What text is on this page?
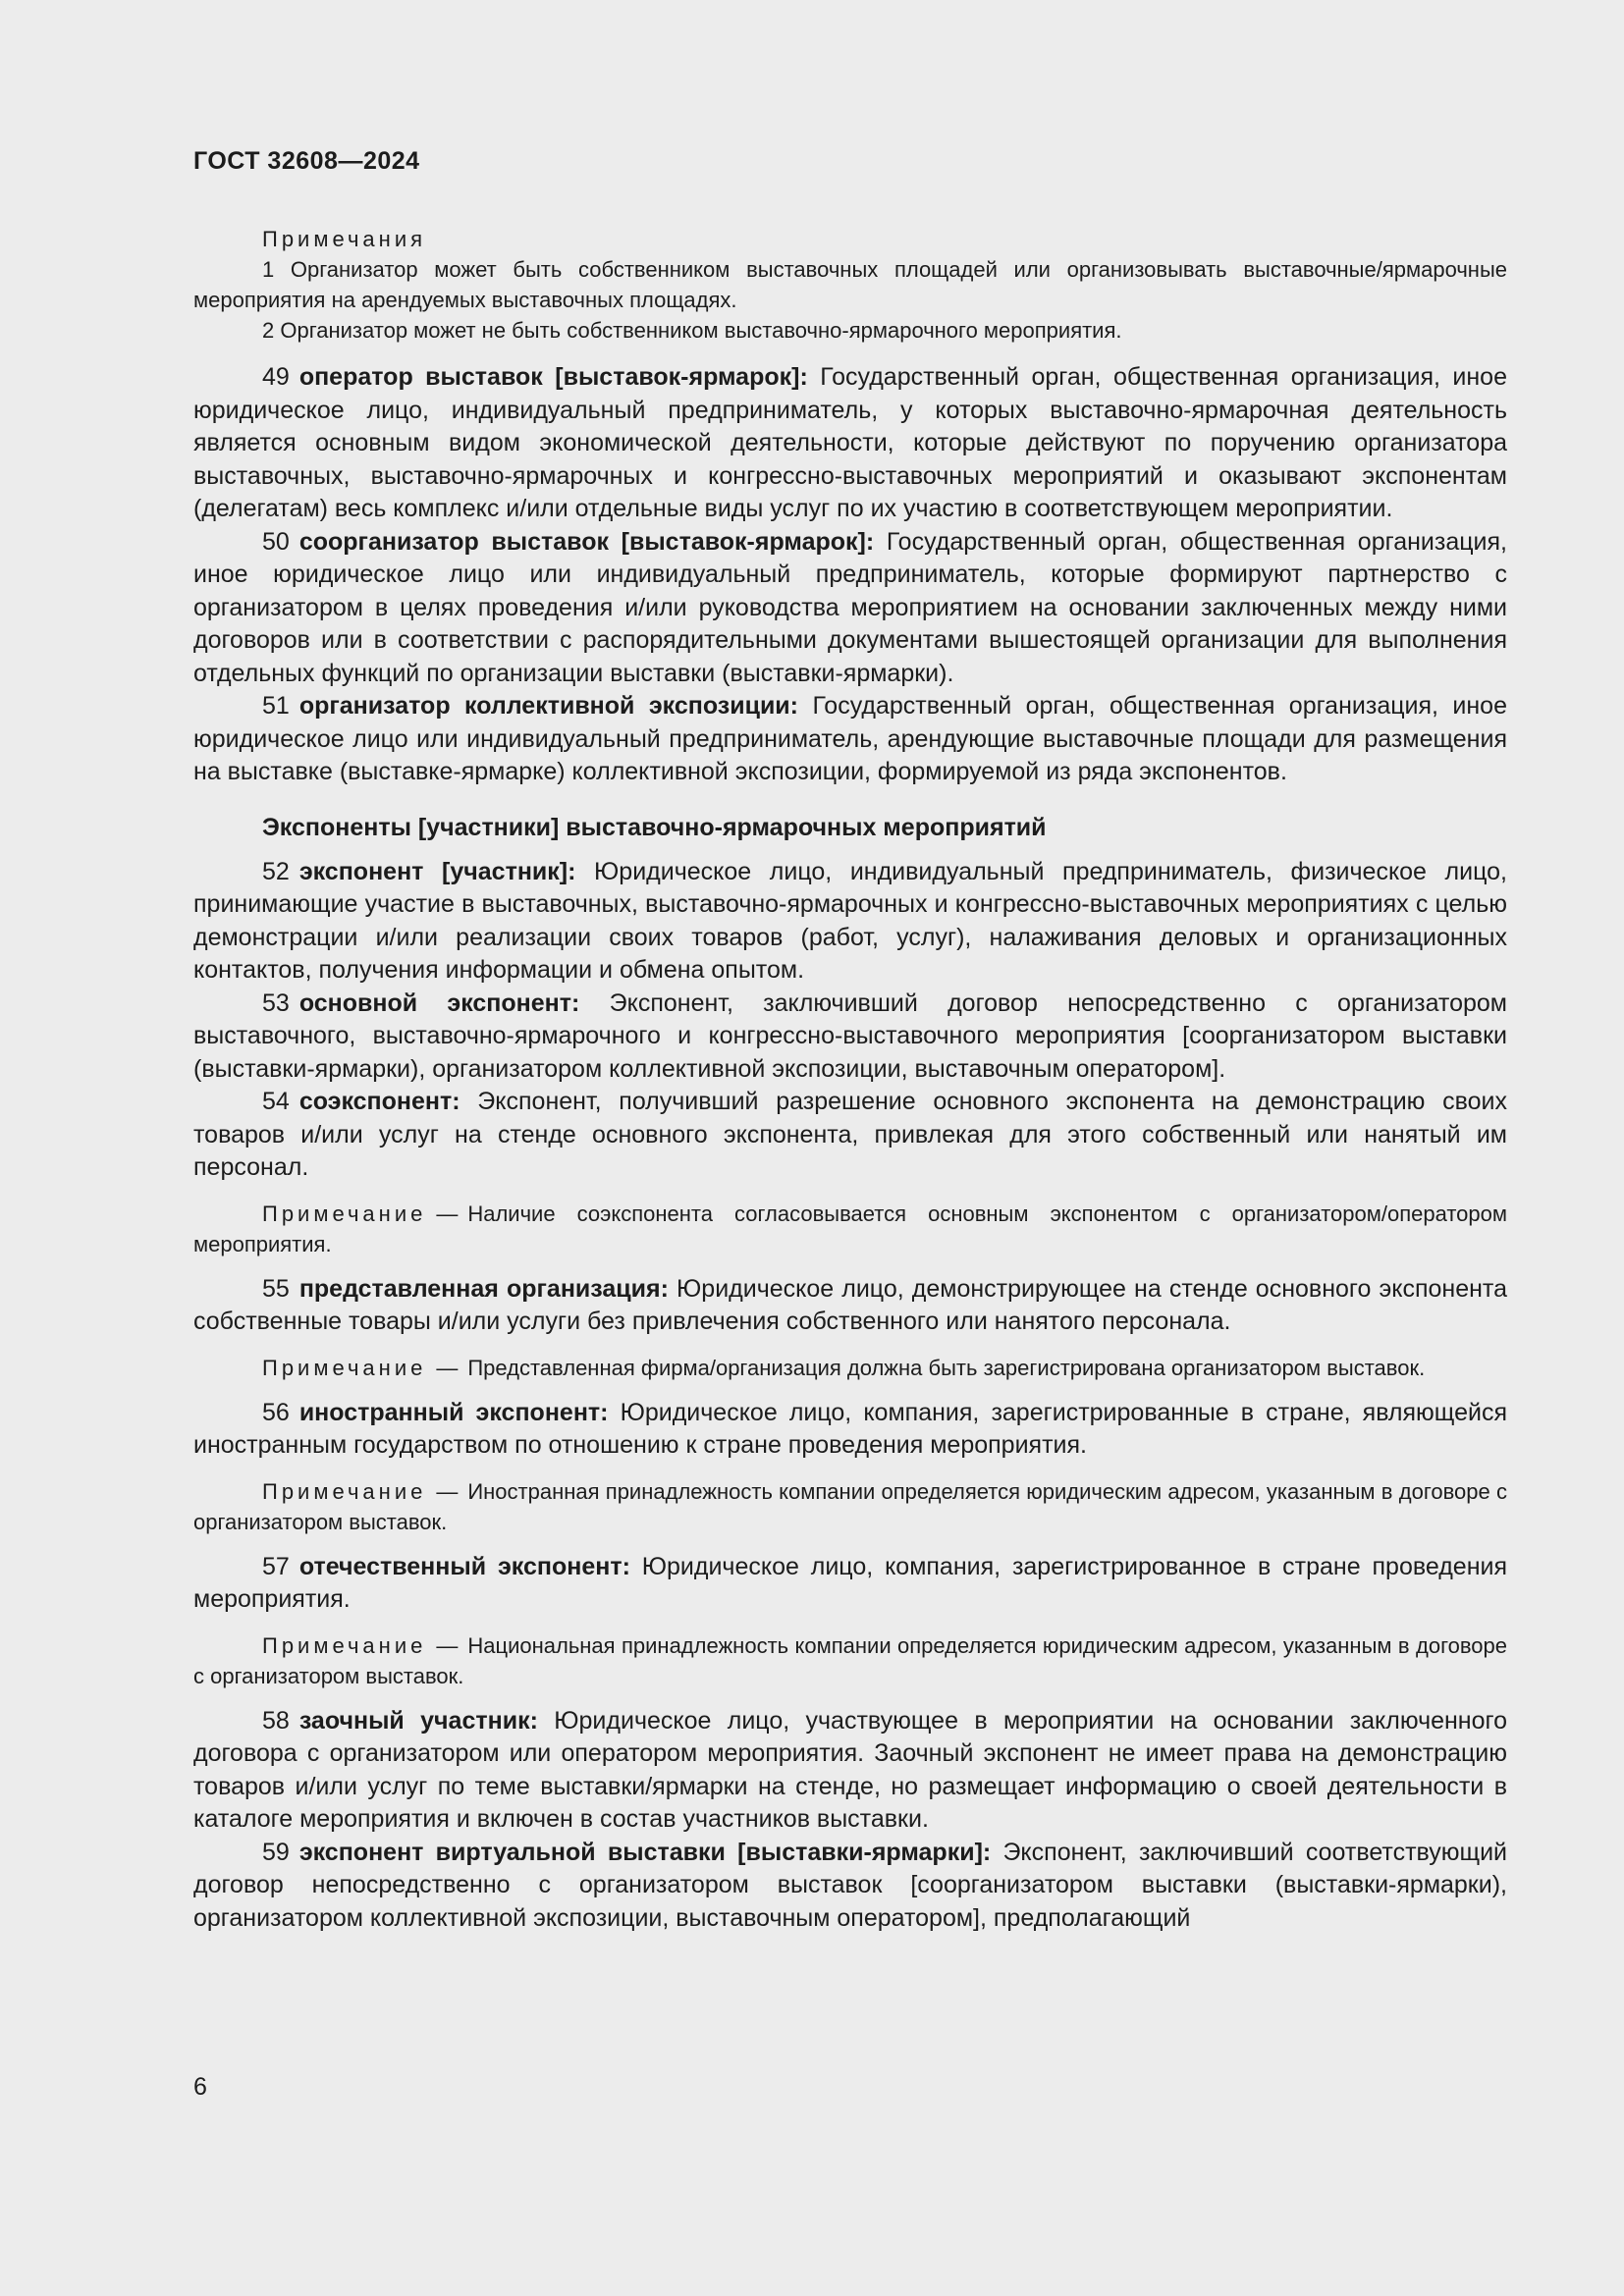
ГОСТ 32608—2024

Примечания

1 Организатор может быть собственником выставочных площадей или организовывать выставочные/ярмарочные мероприятия на арендуемых выставочных площадях.

2 Организатор может не быть собственником выставочно-ярмарочного мероприятия.

49 оператор выставок [выставок-ярмарок]: Государственный орган, общественная организация, иное юридическое лицо, индивидуальный предприниматель, у которых выставочно-ярмарочная деятельность является основным видом экономической деятельности, которые действуют по поручению организатора выставочных, выставочно-ярмарочных и конгрессно-выставочных мероприятий и оказывают экспонентам (делегатам) весь комплекс и/или отдельные виды услуг по их участию в соответствующем мероприятии.

50 соорганизатор выставок [выставок-ярмарок]: Государственный орган, общественная организация, иное юридическое лицо или индивидуальный предприниматель, которые формируют партнерство с организатором в целях проведения и/или руководства мероприятием на основании заключенных между ними договоров или в соответствии с распорядительными документами вышестоящей организации для выполнения отдельных функций по организации выставки (выставки-ярмарки).

51 организатор коллективной экспозиции: Государственный орган, общественная организация, иное юридическое лицо или индивидуальный предприниматель, арендующие выставочные площади для размещения на выставке (выставке-ярмарке) коллективной экспозиции, формируемой из ряда экспонентов.

Экспоненты [участники] выставочно-ярмарочных мероприятий

52 экспонент [участник]: Юридическое лицо, индивидуальный предприниматель, физическое лицо, принимающие участие в выставочных, выставочно-ярмарочных и конгрессно-выставочных мероприятиях с целью демонстрации и/или реализации своих товаров (работ, услуг), налаживания деловых и организационных контактов, получения информации и обмена опытом.

53 основной экспонент: Экспонент, заключивший договор непосредственно с организатором выставочного, выставочно-ярмарочного и конгрессно-выставочного мероприятия [соорганизатором выставки (выставки-ярмарки), организатором коллективной экспозиции, выставочным оператором].

54 соэкспонент: Экспонент, получивший разрешение основного экспонента на демонстрацию своих товаров и/или услуг на стенде основного экспонента, привлекая для этого собственный или нанятый им персонал.

Примечание — Наличие соэкспонента согласовывается основным экспонентом с организатором/оператором мероприятия.

55 представленная организация: Юридическое лицо, демонстрирующее на стенде основного экспонента собственные товары и/или услуги без привлечения собственного или нанятого персонала.

Примечание — Представленная фирма/организация должна быть зарегистрирована организатором выставок.

56 иностранный экспонент: Юридическое лицо, компания, зарегистрированные в стране, являющейся иностранным государством по отношению к стране проведения мероприятия.

Примечание — Иностранная принадлежность компании определяется юридическим адресом, указанным в договоре с организатором выставок.

57 отечественный экспонент: Юридическое лицо, компания, зарегистрированное в стране проведения мероприятия.

Примечание — Национальная принадлежность компании определяется юридическим адресом, указанным в договоре с организатором выставок.

58 заочный участник: Юридическое лицо, участвующее в мероприятии на основании заключенного договора с организатором или оператором мероприятия. Заочный экспонент не имеет права на демонстрацию товаров и/или услуг по теме выставки/ярмарки на стенде, но размещает информацию о своей деятельности в каталоге мероприятия и включен в состав участников выставки.

59 экспонент виртуальной выставки [выставки-ярмарки]: Экспонент, заключивший соответствующий договор непосредственно с организатором выставок [соорганизатором выставки (выставки-ярмарки), организатором коллективной экспозиции, выставочным оператором], предполагающий

6
